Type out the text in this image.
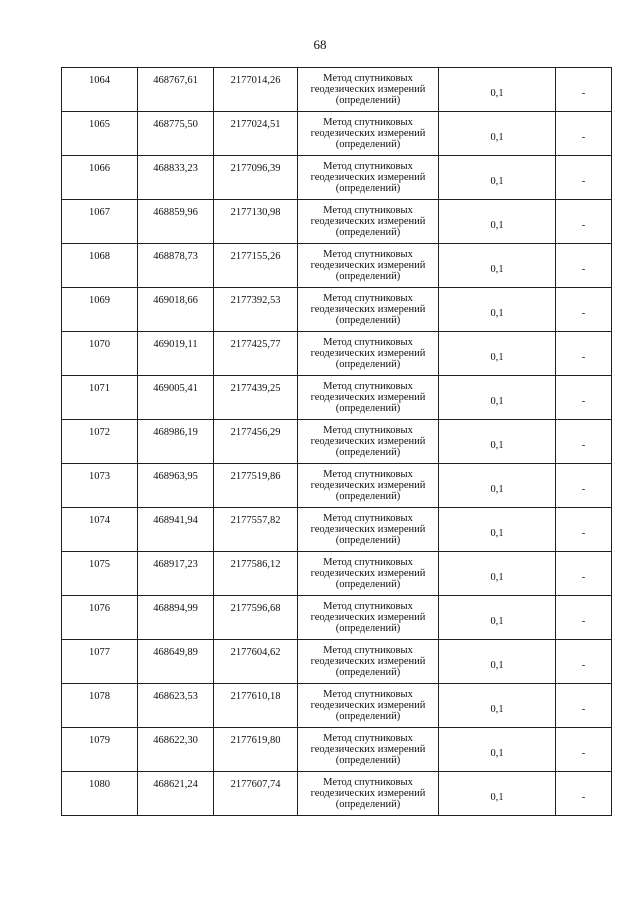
68
1064	468767,61	2177014,26	Метод спутниковых
геодезических измерений
(определений)	0,1	-
1065	468775,50	2177024,51	Метод спутниковых
геодезических измерений
(определений)	0,1	-
1066	468833,23	2177096,39	Метод спутниковых
геодезических измерений
(определений)	0,1	-
1067	468859,96	2177130,98	Метод спутниковых
геодезических измерений
(определений)	0,1	-
1068	468878,73	2177155,26	Метод спутниковых
геодезических измерений
(определений)	0,1	-
1069	469018,66	2177392,53	Метод спутниковых
геодезических измерений
(определений)	0,1	-
1070	469019,11	2177425,77	Метод спутниковых
геодезических измерений
(определений)	0,1	-
1071	469005,41	2177439,25	Метод спутниковых
геодезических измерений
(определений)	0,1	-
1072	468986,19	2177456,29	Метод спутниковых
геодезических измерений
(определений)	0,1	-
1073	468963,95	2177519,86	Метод спутниковых
геодезических измерений
(определений)	0,1	-
1074	468941,94	2177557,82	Метод спутниковых
геодезических измерений
(определений)	0,1	-
1075	468917,23	2177586,12	Метод спутниковых
геодезических измерений
(определений)	0,1	-
1076	468894,99	2177596,68	Метод спутниковых
геодезических измерений
(определений)	0,1	-
1077	468649,89	2177604,62	Метод спутниковых
геодезических измерений
(определений)	0,1	-
1078	468623,53	2177610,18	Метод спутниковых
геодезических измерений
(определений)	0,1	-
1079	468622,30	2177619,80	Метод спутниковых
геодезических измерений
(определений)	0,1	-
1080	468621,24	2177607,74	Метод спутниковых
геодезических измерений
(определений)	0,1	-
